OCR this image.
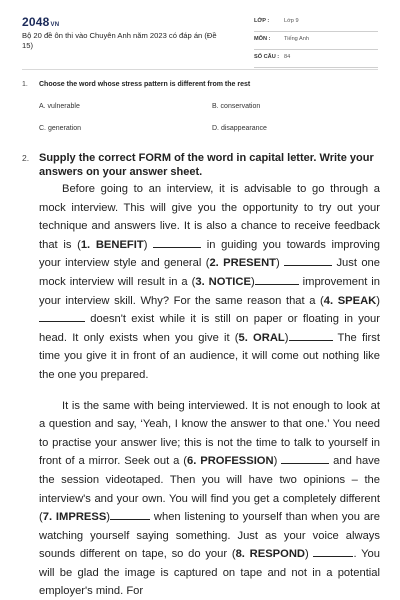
2048VN
Bộ 20 đề ôn thi vào Chuyên Anh năm 2023 có đáp án (Đề 15)
LỚP :	Lớp 9
MÔN : Tiếng Anh
SỐ CÂU : 84
1. Choose the word whose stress pattern is different from the rest
A. vulnerable	B. conservation
C. generation	D. disappearance
2. Supply the correct FORM of the word in capital letter. Write your answers on your answer sheet.

Before going to an interview, it is advisable to go through a mock interview. This will give you the opportunity to try out your technique and answers live. It is also a chance to receive feedback that is (1. BENEFIT)	in guiding you towards improving your interview style and general (2. PRESENT)	Just one mock interview will result in a (3. NOTICE)	improvement in your interview skill. Why? For the same reason that a (4. SPEAK)  doesn't exist while it is still on paper or floating in your head. It only exists when you give it (5. ORAL)	The first time you give it in front of an audience, it will come out nothing like the one you prepared.

It is the same with being interviewed. It is not enough to look at a question and say, ‘Yeah, I know the answer to that one.’ You need to practise your answer live; this is not the time to talk to yourself in front of a mirror. Seek out a (6. PROFESSION)	and have the session videotaped. Then you will have two opinions – the interview's and your own. You will find you get a completely different (7. IMPRESS)	when listening to yourself than when you are watching yourself saying something. Just as your voice always sounds different on tape, so do your (8. RESPOND)	. You will be glad the image is captured on tape and not in a potential employer's mind. For
